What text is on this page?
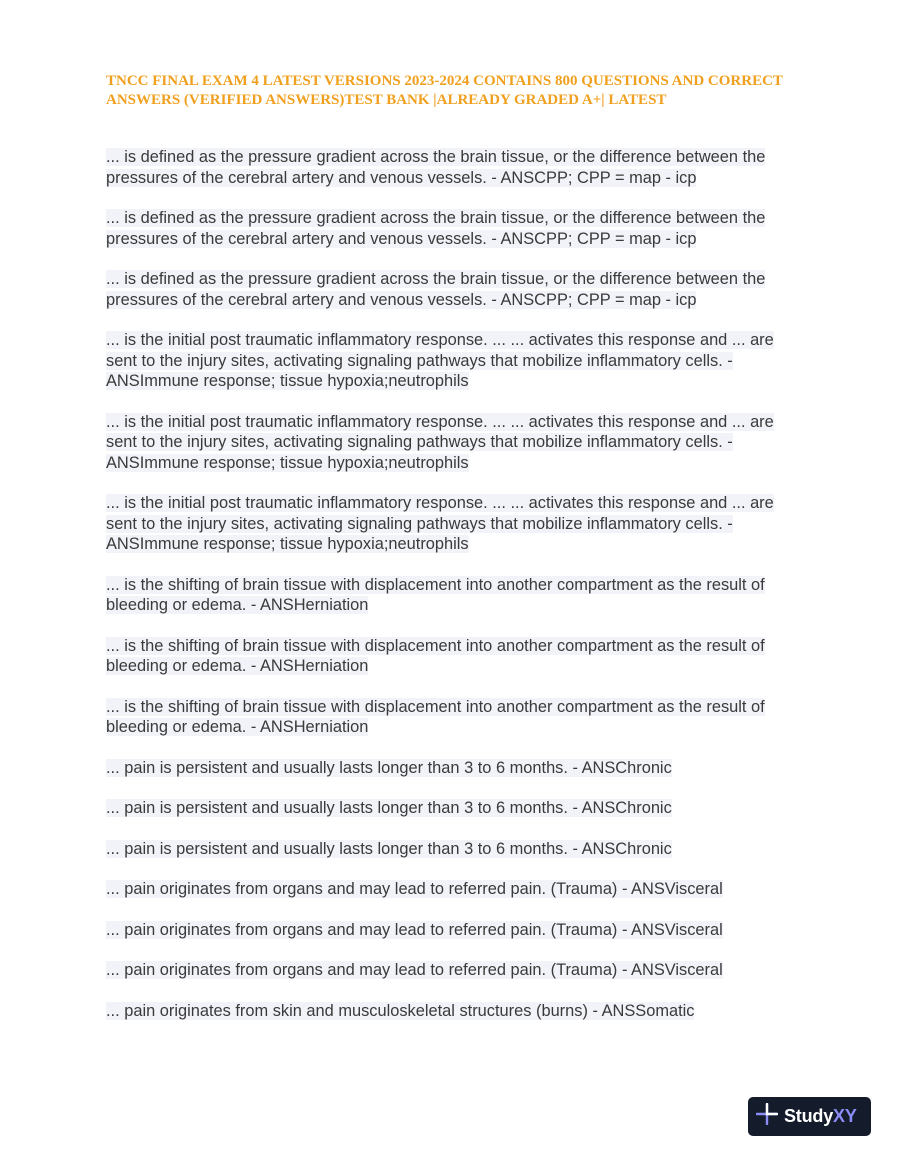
TNCC FINAL EXAM 4 LATEST VERSIONS 2023-2024 CONTAINS 800 QUESTIONS AND CORRECT ANSWERS (VERIFIED ANSWERS)TEST BANK |ALREADY GRADED A+| LATEST

... is defined as the pressure gradient across the brain tissue, or the difference between the pressures of the cerebral artery and venous vessels. - ANSCPP; CPP = map - icp

... is defined as the pressure gradient across the brain tissue, or the difference between the pressures of the cerebral artery and venous vessels. - ANSCPP; CPP = map - icp

... is defined as the pressure gradient across the brain tissue, or the difference between the pressures of the cerebral artery and venous vessels. - ANSCPP; CPP = map - icp

... is the initial post traumatic inflammatory response. ... ... activates this response and ... are sent to the injury sites, activating signaling pathways that mobilize inflammatory cells. - ANSImmune response; tissue hypoxia;neutrophils

... is the initial post traumatic inflammatory response. ... ... activates this response and ... are sent to the injury sites, activating signaling pathways that mobilize inflammatory cells. - ANSImmune response; tissue hypoxia;neutrophils

... is the initial post traumatic inflammatory response. ... ... activates this response and ... are sent to the injury sites, activating signaling pathways that mobilize inflammatory cells. - ANSImmune response; tissue hypoxia;neutrophils

... is the shifting of brain tissue with displacement into another compartment as the result of bleeding or edema. - ANSHerniation

... is the shifting of brain tissue with displacement into another compartment as the result of bleeding or edema. - ANSHerniation

... is the shifting of brain tissue with displacement into another compartment as the result of bleeding or edema. - ANSHerniation

... pain is persistent and usually lasts longer than 3 to 6 months. - ANSChronic

... pain is persistent and usually lasts longer than 3 to 6 months. - ANSChronic

... pain is persistent and usually lasts longer than 3 to 6 months. - ANSChronic

... pain originates from organs and may lead to referred pain. (Trauma) - ANSVisceral

... pain originates from organs and may lead to referred pain. (Trauma) - ANSVisceral

... pain originates from organs and may lead to referred pain. (Trauma) - ANSVisceral

... pain originates from skin and musculoskeletal structures (burns) - ANSSomatic

StudyXY
